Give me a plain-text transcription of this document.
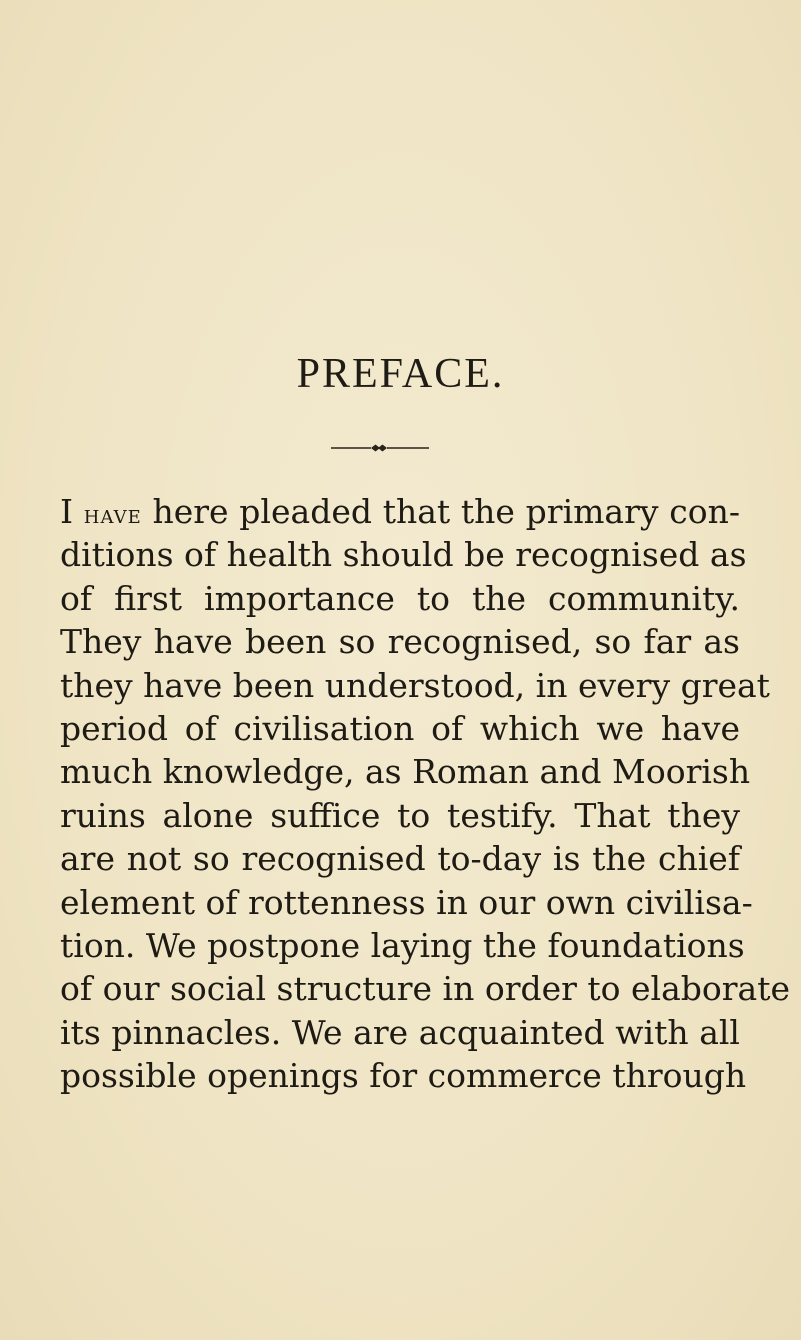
PREFACE.
I have here pleaded that the primary con-
ditions of health should be recognised as
of first importance to the community.
They have been so recognised, so far as
they have been understood, in every great
period of civilisation of which we have
much knowledge, as Roman and Moorish
ruins alone suffice to testify. That they
are not so recognised to-day is the chief
element of rottenness in our own civilisa-
tion. We postpone laying the foundations
of our social structure in order to elaborate
its pinnacles. We are acquainted with all
possible openings for commerce through
